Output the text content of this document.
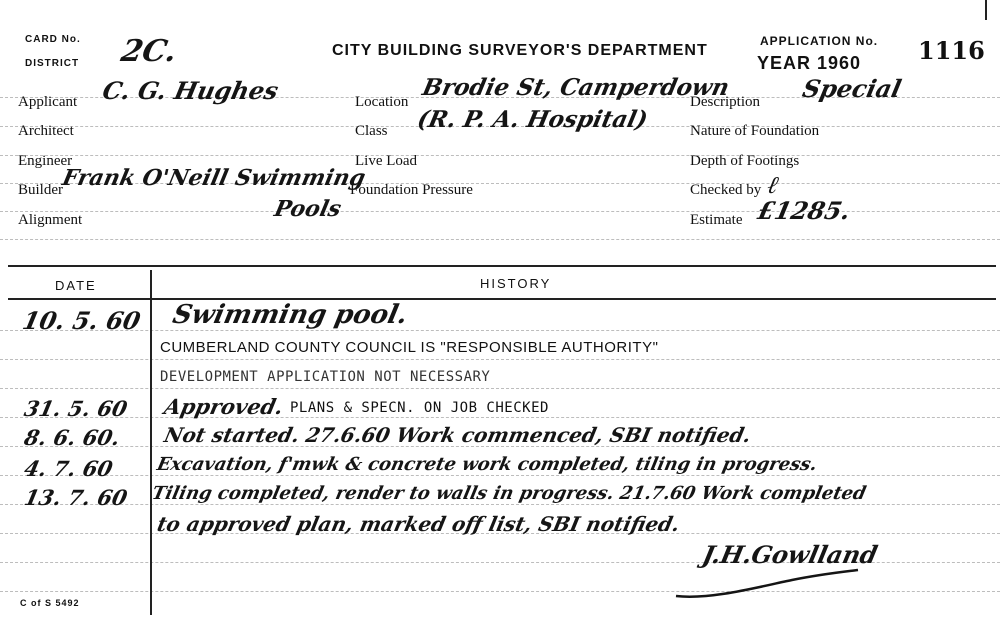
CARD No.
DISTRICT 2C.	CITY BUILDING SURVEYOR'S DEPARTMENT
APPLICATION No.
YEAR 1960 1116
Applicant C. G. Hughes
Architect
Engineer
Builder
Frank O'Neill Swimming
Pools
Alignment
Location
Brodie St, Camperdown
Class (R. P. A. Hospital)
Live Load
Foundation Pressure
Description Special
Nature of Foundation
Depth of Footings
Checked by ℓ
Estimate £1285.
DATE	HISTORY
10. 5. 60 Swimming pool.
CUMBERLAND COUNTY COUNCIL IS "RESPONSIBLE AUTHORITY"
DEVELOPMENT APPLICATION NOT NECESSARY
31. 5. 60 Approved. PLANS & SPECN. ON JOB CHECKED
8. 6. 60. Not started. 27.6.60 Work commenced, SBI notified.
4. 7. 60 Excavation, f'mwk & concrete work completed, tiling in progress.
13. 7. 60 Tiling completed, render to walls in progress. 21.7.60 Work completed
to approved plan, marked off list, SBI notified.
J.H.Gowlland
C of S 5492
